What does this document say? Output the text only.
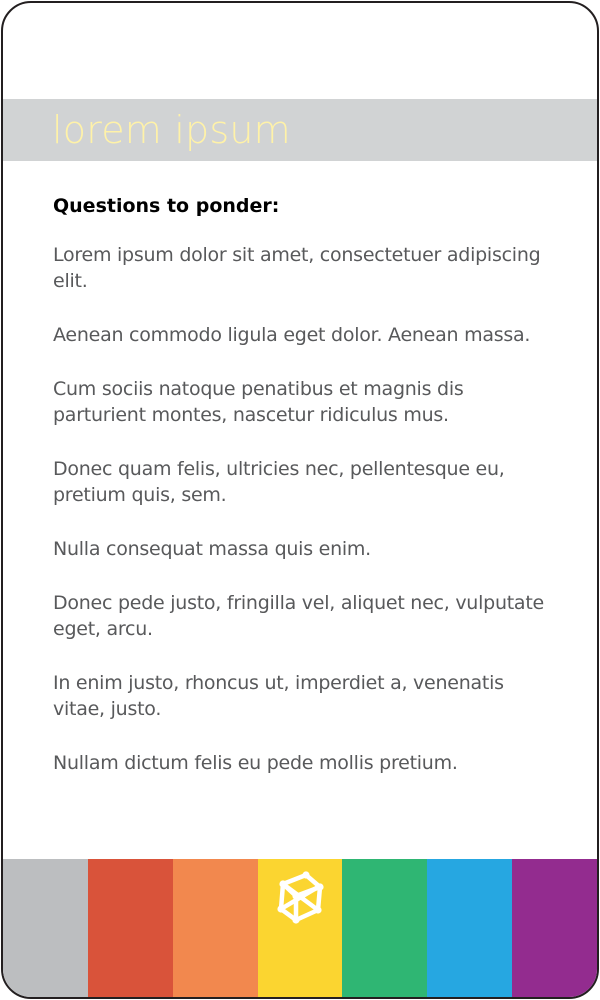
lorem ipsum
Questions to ponder:
Lorem ipsum dolor sit amet, consectetuer adipiscing elit.
Aenean commodo ligula eget dolor. Aenean massa.
Cum sociis natoque penatibus et magnis dis parturient montes, nascetur ridiculus mus.
Donec quam felis, ultricies nec, pellentesque eu, pretium quis, sem.
Nulla consequat massa quis enim.
Donec pede justo, fringilla vel, aliquet nec, vulputate eget, arcu.
In enim justo, rhoncus ut, imperdiet a, venenatis vitae, justo.
Nullam dictum felis eu pede mollis pretium.
